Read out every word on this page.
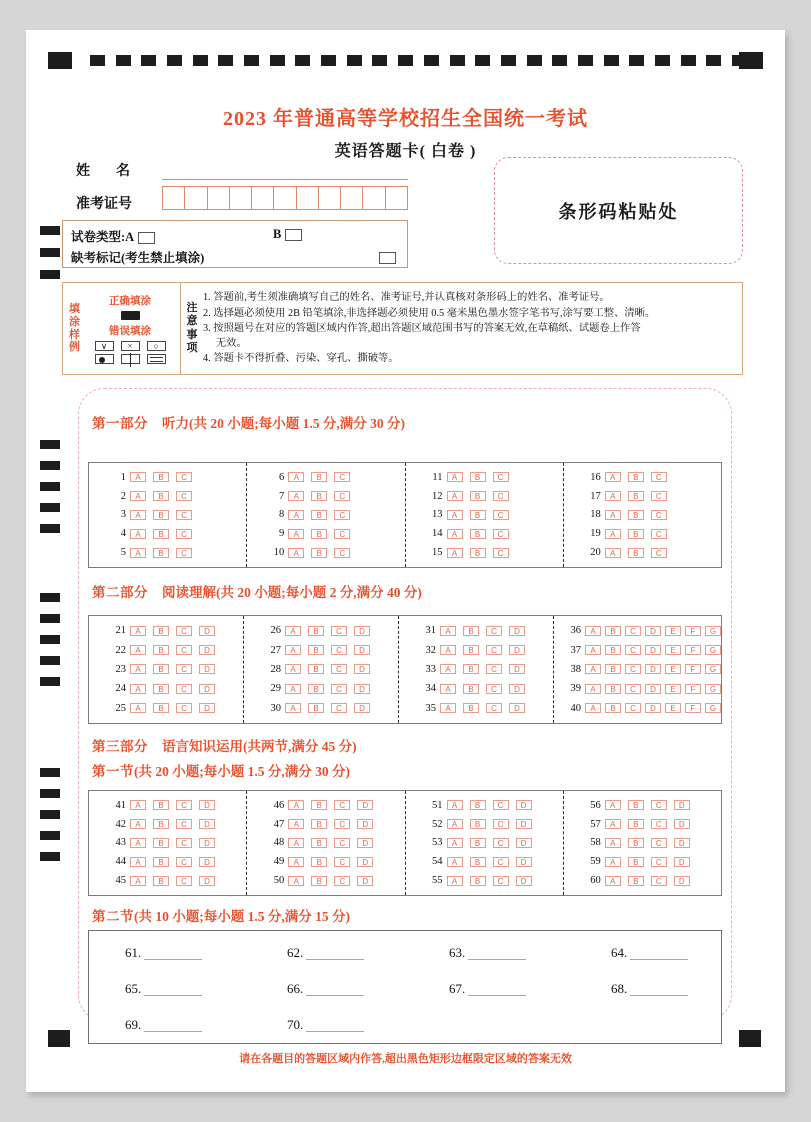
2023 年普通高等学校招生全国统一考试
英语答题卡( 白卷 )
姓　名
准考证号
试卷类型:A	B
缺考标记(考生禁止填涂)
条形码粘贴处
填
涂
样
例
正确填涂
错误填涂
∨	×	○
注
意
事
项
1. 答题前,考生须准确填写自己的姓名、准考证号,并认真核对条形码上的姓名、准考证号。
2. 选择题必须使用 2B 铅笔填涂,非选择题必须使用 0.5 毫米黑色墨水签字笔书写,涂写要工整、清晰。
3. 按照题号在对应的答题区域内作答,超出答题区域范围书写的答案无效,在草稿纸、试题卷上作答
　 无效。
4. 答题卡不得折叠、污染、穿孔、撕破等。
第一部分 听力(共 20 小题;每小题 1.5 分,满分 30 分)
1	A	B	C
2	A	B	C
3	A	B	C
4	A	B	C
5	A	B	C
6	A	B	C
7	A	B	C
8	A	B	C
9	A	B	C
10	A	B	C
11	A	B	C
12	A	B	C
13	A	B	C
14	A	B	C
15	A	B	C
16	A	B	C
17	A	B	C
18	A	B	C
19	A	B	C
20	A	B	C
第二部分 阅读理解(共 20 小题;每小题 2 分,满分 40 分)
21	A	B	C	D
22	A	B	C	D
23	A	B	C	D
24	A	B	C	D
25	A	B	C	D
26	A	B	C	D
27	A	B	C	D
28	A	B	C	D
29	A	B	C	D
30	A	B	C	D
31	A	B	C	D
32	A	B	C	D
33	A	B	C	D
34	A	B	C	D
35	A	B	C	D
36	A	B	C	D	E	F	G
37	A	B	C	D	E	F	G
38	A	B	C	D	E	F	G
39	A	B	C	D	E	F	G
40	A	B	C	D	E	F	G
第三部分 语言知识运用(共两节,满分 45 分)
第一节(共 20 小题;每小题 1.5 分,满分 30 分)
41	A	B	C	D
42	A	B	C	D
43	A	B	C	D
44	A	B	C	D
45	A	B	C	D
46	A	B	C	D
47	A	B	C	D
48	A	B	C	D
49	A	B	C	D
50	A	B	C	D
51	A	B	C	D
52	A	B	C	D
53	A	B	C	D
54	A	B	C	D
55	A	B	C	D
56	A	B	C	D
57	A	B	C	D
58	A	B	C	D
59	A	B	C	D
60	A	B	C	D
第二节(共 10 小题;每小题 1.5 分,满分 15 分)
61.	62.	63.	64.
65.	66.	67.	68.
69.	70.
请在各题目的答题区域内作答,超出黑色矩形边框限定区域的答案无效
